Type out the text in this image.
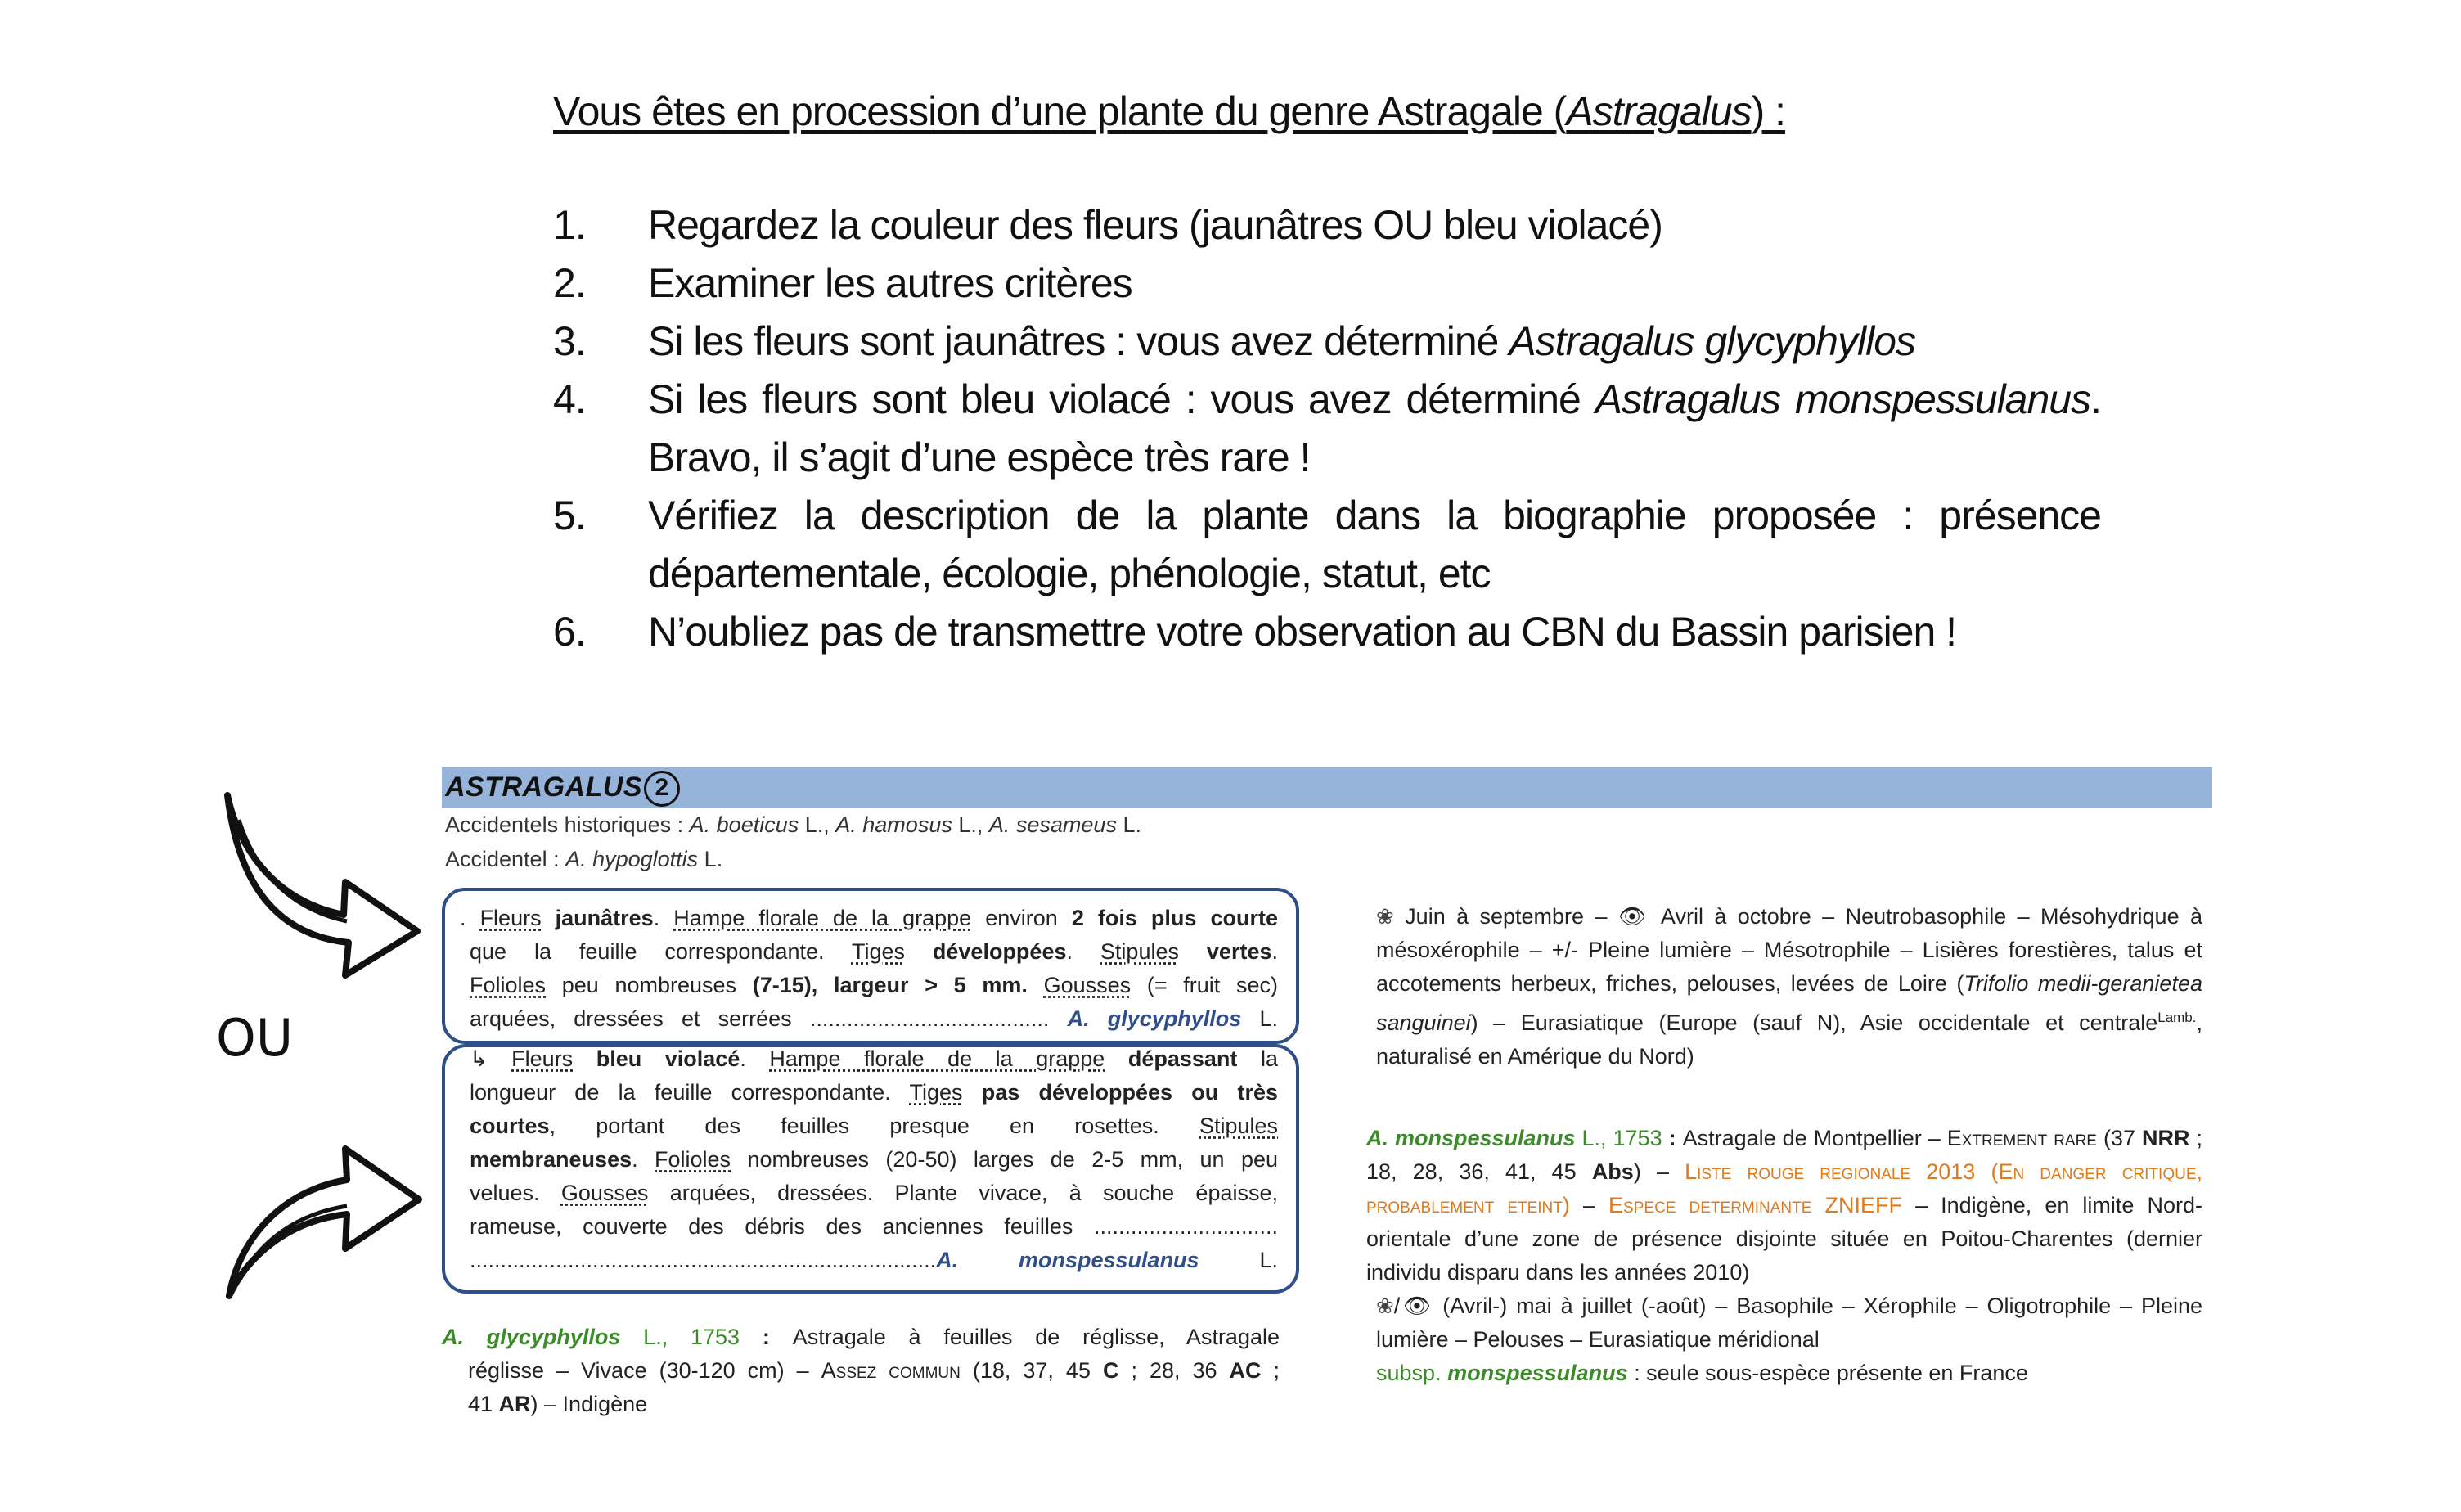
Vous êtes en procession d’une plante du genre Astragale (Astragalus) :
1. Regardez la couleur des fleurs (jaunâtres OU bleu violacé)
2. Examiner les autres critères
3. Si les fleurs sont jaunâtres : vous avez déterminé Astragalus glycyphyllos
4. Si les fleurs sont bleu violacé : vous avez déterminé Astragalus monspessulanus. Bravo, il s’agit d’une espèce très rare !
5. Vérifiez la description de la plante dans la biographie proposée : présence départementale, écologie, phénologie, statut, etc
6. N’oubliez pas de transmettre votre observation au CBN du Bassin parisien !
OU
ASTRAGALUS 2
Accidentels historiques : A. boeticus L., A. hamosus L., A. sesameus L.
Accidentel : A. hypoglottis L.
. Fleurs jaunâtres. Hampe florale de la grappe environ 2 fois plus courte
que la feuille correspondante. Tiges développées. Stipules vertes.
Folioles peu nombreuses (7-15), largeur > 5 mm. Gousses (= fruit sec)
arquées, dressées et serrées ....................................... A. glycyphyllos L.
↳ Fleurs bleu violacé. Hampe florale de la grappe dépassant la
longueur de la feuille correspondante. Tiges pas développées ou très
courtes, portant des feuilles presque en rosettes. Stipules
membraneuses. Folioles nombreuses (20-50) larges de 2-5 mm, un peu
velues. Gousses arquées, dressées. Plante vivace, à souche épaisse,
rameuse, couverte des débris des anciennes feuilles ..............................
............................................................................A. monspessulanus L.
A. glycyphyllos L., 1753 : Astragale à feuilles de réglisse, Astragale
réglisse – Vivace (30-120 cm) – Assez commun (18, 37, 45 C ; 28, 36 AC ;
41 AR) – Indigène
❀ Juin à septembre – 👁 Avril à octobre – Neutrobasophile – Mésohydrique à mésoxérophile – +/- Pleine lumière – Mésotrophile – Lisières forestières, talus et accotements herbeux, friches, pelouses, levées de Loire (Trifolio medii-geranietea sanguinei) – Eurasiatique (Europe (sauf N), Asie occidentale et centrale$^{Lamb.}$, naturalisé en Amérique du Nord)
A. monspessulanus L., 1753 : Astragale de Montpellier – Extrement rare (37 NRR ; 18, 28, 36, 41, 45 Abs) – Liste rouge regionale 2013 (En danger critique, probablement eteint) – Espece determinante ZNIEFF – Indigène, en limite Nord-orientale d’une zone de présence disjointe située en Poitou-Charentes (dernier individu disparu dans les années 2010)
❀/👁 (Avril-) mai à juillet (-août) – Basophile – Xérophile – Oligotrophile – Pleine lumière – Pelouses – Eurasiatique méridional
subsp. monspessulanus : seule sous-espèce présente en France
